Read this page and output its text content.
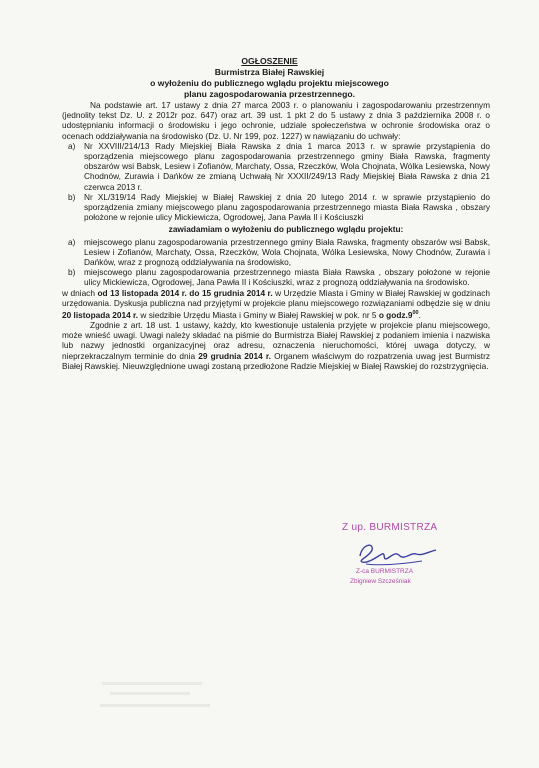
OGŁOSZENIE
Burmistrza Białej Rawskiej
o wyłożeniu do publicznego wglądu projektu miejscowego
planu zagospodarowania przestrzennego.

Na podstawie art. 17 ustawy z dnia 27 marca 2003 r. o planowaniu i zagospodarowaniu przestrzennym (jednolity tekst Dz. U. z 2012r poz. 647) oraz art. 39 ust. 1 pkt 2 do 5 ustawy z dnia 3 października 2008 r. o udostępnianiu informacji o środowisku i jego ochronie, udziale społeczeństwa w ochronie środowiska oraz o ocenach oddziaływania na środowisko (Dz. U. Nr 199, poz. 1227) w nawiązaniu do uchwały:

a) Nr XXVIII/214/13 Rady Miejskiej Biała Rawska z dnia 1 marca 2013 r. w sprawie przystąpienia do sporządzenia miejscowego planu zagospodarowania przestrzennego gminy Biała Rawska, fragmenty obszarów wsi Babsk, Lesiew i Zofianów, Marchaty, Ossa, Rzeczków, Wola Chojnata, Wólka Lesiewska, Nowy Chodnów, Zurawia i Dańków ze zmianą Uchwałą Nr XXXII/249/13 Rady Miejskiej Biała Rawska z dnia 21 czerwca 2013 r.
b) Nr XL/319/14 Rady Miejskiej w Białej Rawskiej z dnia 20 lutego 2014 r. w sprawie przystąpienio do sporządzenia zmiany miejscowego planu zagospodarowania przestrzennego miasta Biała Rawska , obszary położone w rejonie ulicy Mickiewicza, Ogrodowej, Jana Pawła II i Kościuszki
zawiadamiam o wyłożeniu do publicznego wglądu projektu:
a) miejscowego planu zagospodarowania przestrzennego gminy Biała Rawska, fragmenty obszarów wsi Babsk, Lesiew i Zofianów, Marchaty, Ossa, Rzeczków, Wola Chojnata, Wólka Lesiewska, Nowy Chodnów, Zurawia i Dańków, wraz z prognozą oddziaływania na środowisko,
b) miejscowego planu zagospodarowania przestrzennego miasta Biała Rawska , obszary położone w rejonie ulicy Mickiewicza, Ogrodowej, Jana Pawła II i Kościuszki, wraz z prognozą oddziaływania na środowisko.

w dniach od 13 listopada 2014 r. do 15 grudnia 2014 r. w Urzędzie Miasta i Gminy w Białej Rawskiej w godzinach urzędowania. Dyskusja publiczna nad przyjętymi w projekcie planu miejscowego rozwiązaniami odbędzie się w dniu 20 listopada 2014 r. w siedzibie Urzędu Miasta i Gminy w Białej Rawskiej w pok. nr 5 o $godz.9^{00}$.

Zgodnie z art. 18 ust. 1 ustawy, każdy, kto kwestionuje ustalenia przyjęte w projekcie planu miejscowego, może wnieść uwagi. Uwagi należy składać na piśmie do Burmistrza Białej Rawskiej z podaniem imienia i nazwiska lub nazwy jednostki organizacyjnej oraz adresu, oznaczenia nieruchomości, której uwaga dotyczy, w nieprzekraczalnym terminie do dnia 29 grudnia 2014 r. Organem właściwym do rozpatrzenia uwag jest Burmistrz Białej Rawskiej. Nieuwzględnione uwagi zostaną przedłożone Radzie Miejskiej w Białej Rawskiej do rozstrzygnięcia.

Z up. BURMISTRZA
Z-ca BURMISTRZA
Zbigniew Szcześniak
